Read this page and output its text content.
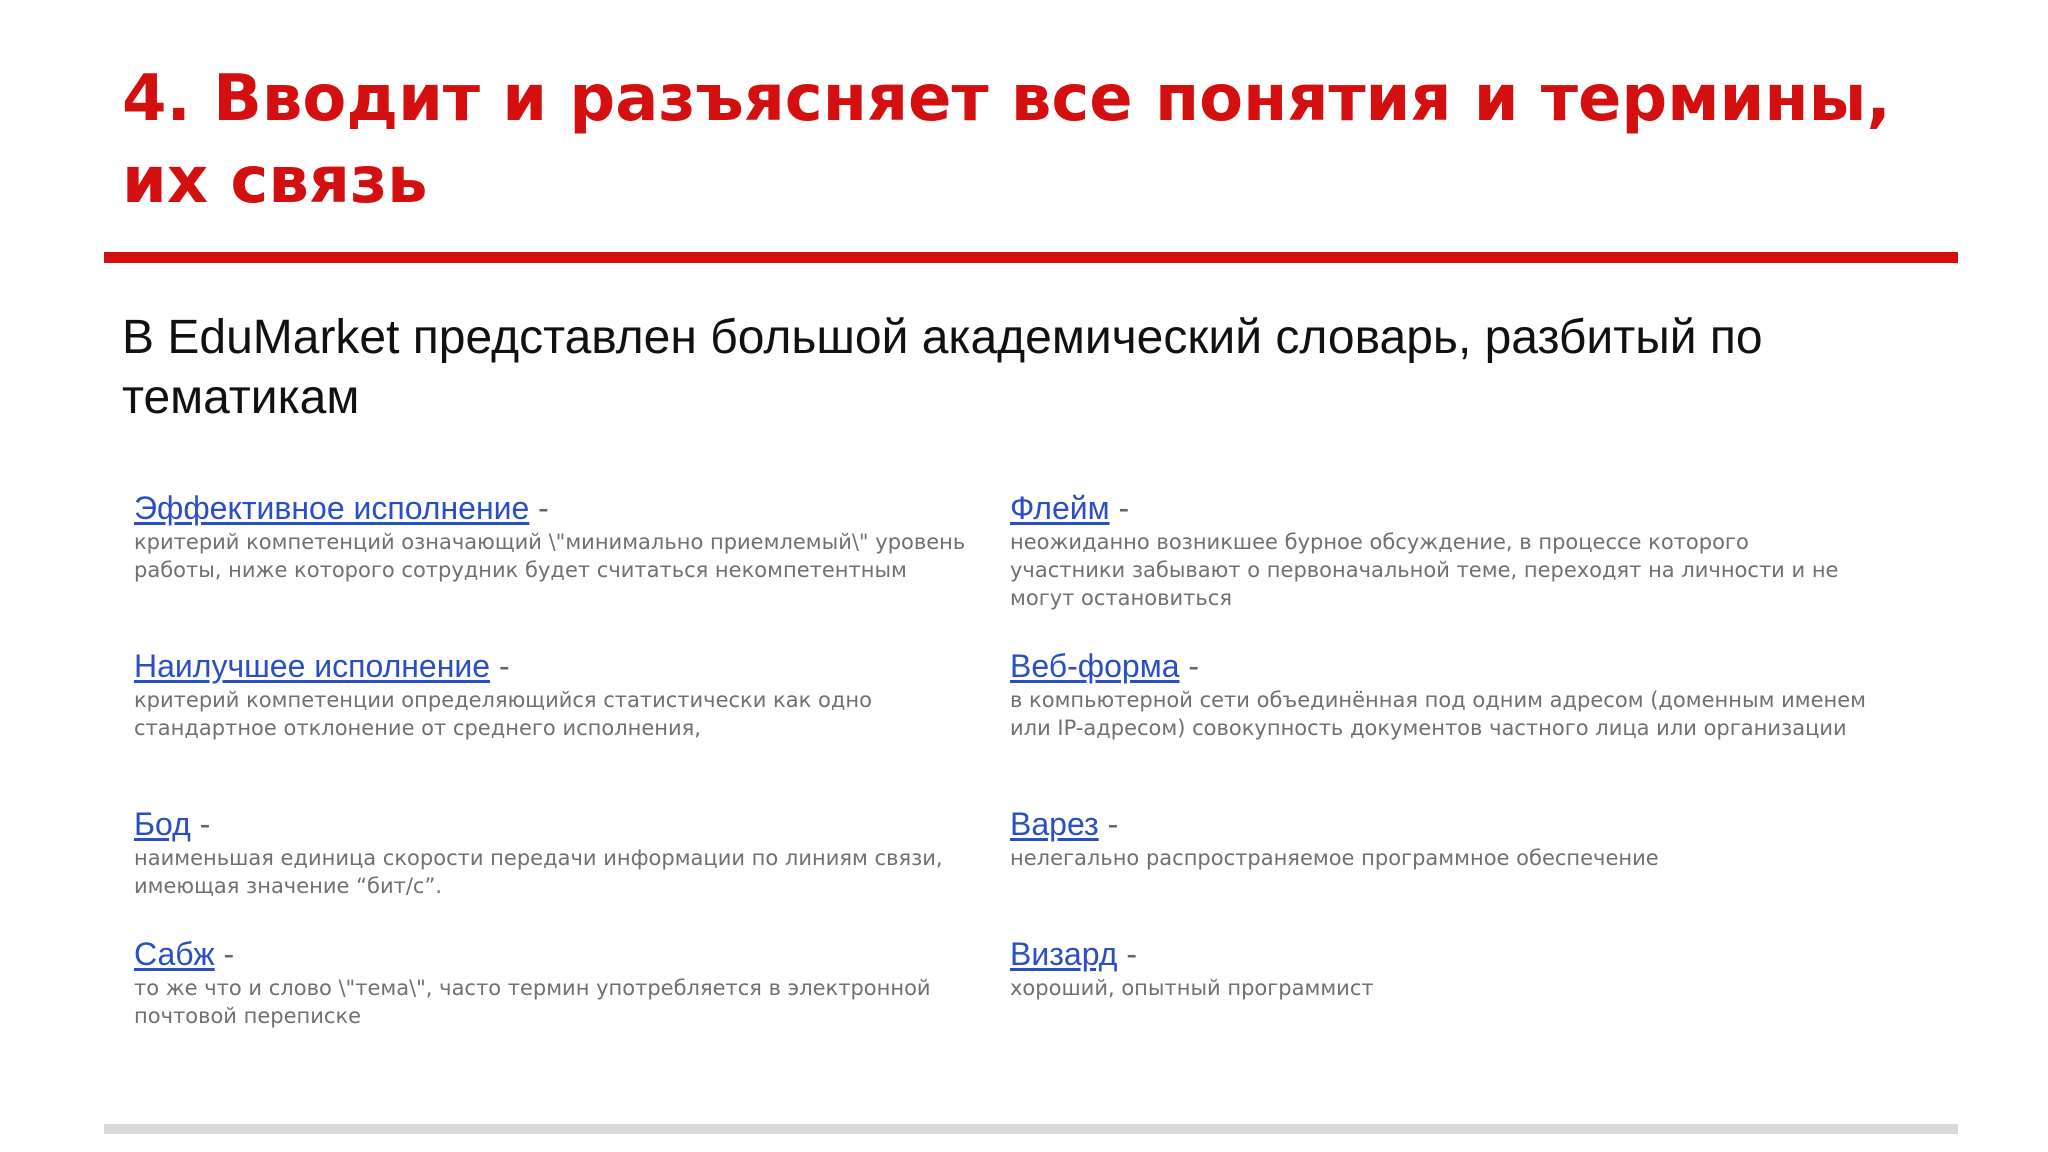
4. Вводит и разъясняет все понятия и термины, их связь

В EduMarket представлен большой академический словарь, разбитый по тематикам

Эффективное исполнение -
критерий компетенций означающий \"минимально приемлемый\" уровень работы, ниже которого сотрудник будет считаться некомпетентным
Наилучшее исполнение -
критерий компетенции определяющийся статистически как одно стандартное отклонение от среднего исполнения,
Бод -
наименьшая единица скорости передачи информации по линиям связи, имеющая значение “бит/с”.
Сабж -
то же что и слово \"тема\", часто термин употребляется в электронной почтовой переписке
Флейм -
неожиданно возникшее бурное обсуждение, в процессе которого участники забывают о первоначальной теме, переходят на личности и не могут остановиться
Веб-форма -
в компьютерной сети объединённая под одним адресом (доменным именем или IP-адресом) совокупность документов частного лица или организации
Варез -
нелегально распространяемое программное обеспечение
Визард -
хороший, опытный программист
